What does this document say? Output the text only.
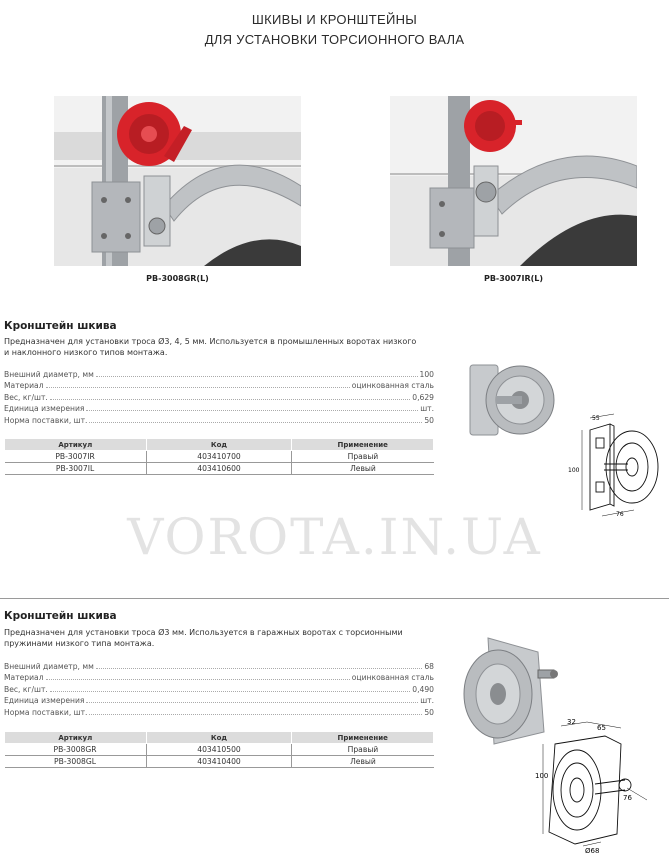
ШКИВЫ И КРОНШТЕЙНЫ
ДЛЯ УСТАНОВКИ ТОРСИОННОГО ВАЛА
PB-3008GR(L)	PB-3007IR(L)
Кронштейн шкива
Предназначен для установки троса Ø3, 4, 5 мм. Используется в промышленных воротах низкого
и наклонного низкого типов монтажа.
Внешний диаметр, мм	100
Материал	оцинкованная сталь
Вес, кг/шт.	0,629
Единица измерения	шт.
Норма поставки, шт.	50
Артикул	Код	Применение
PB-3007IR	403410700	Правый
PB-3007IL	403410600	Левый
55
100
76
VOROTA.IN.UA
Кронштейн шкива
Предназначен для установки троса Ø3 мм. Используется в гаражных воротах с торсионными
пружинами низкого типа монтажа.
Внешний диаметр, мм	68
Материал	оцинкованная сталь
Вес, кг/шт.	0,490
Единица измерения	шт.
Норма поставки, шт.	50
Артикул	Код	Применение
PB-3008GR	403410500	Правый
PB-3008GL	403410400	Левый
32
65
100
76
Ø68
